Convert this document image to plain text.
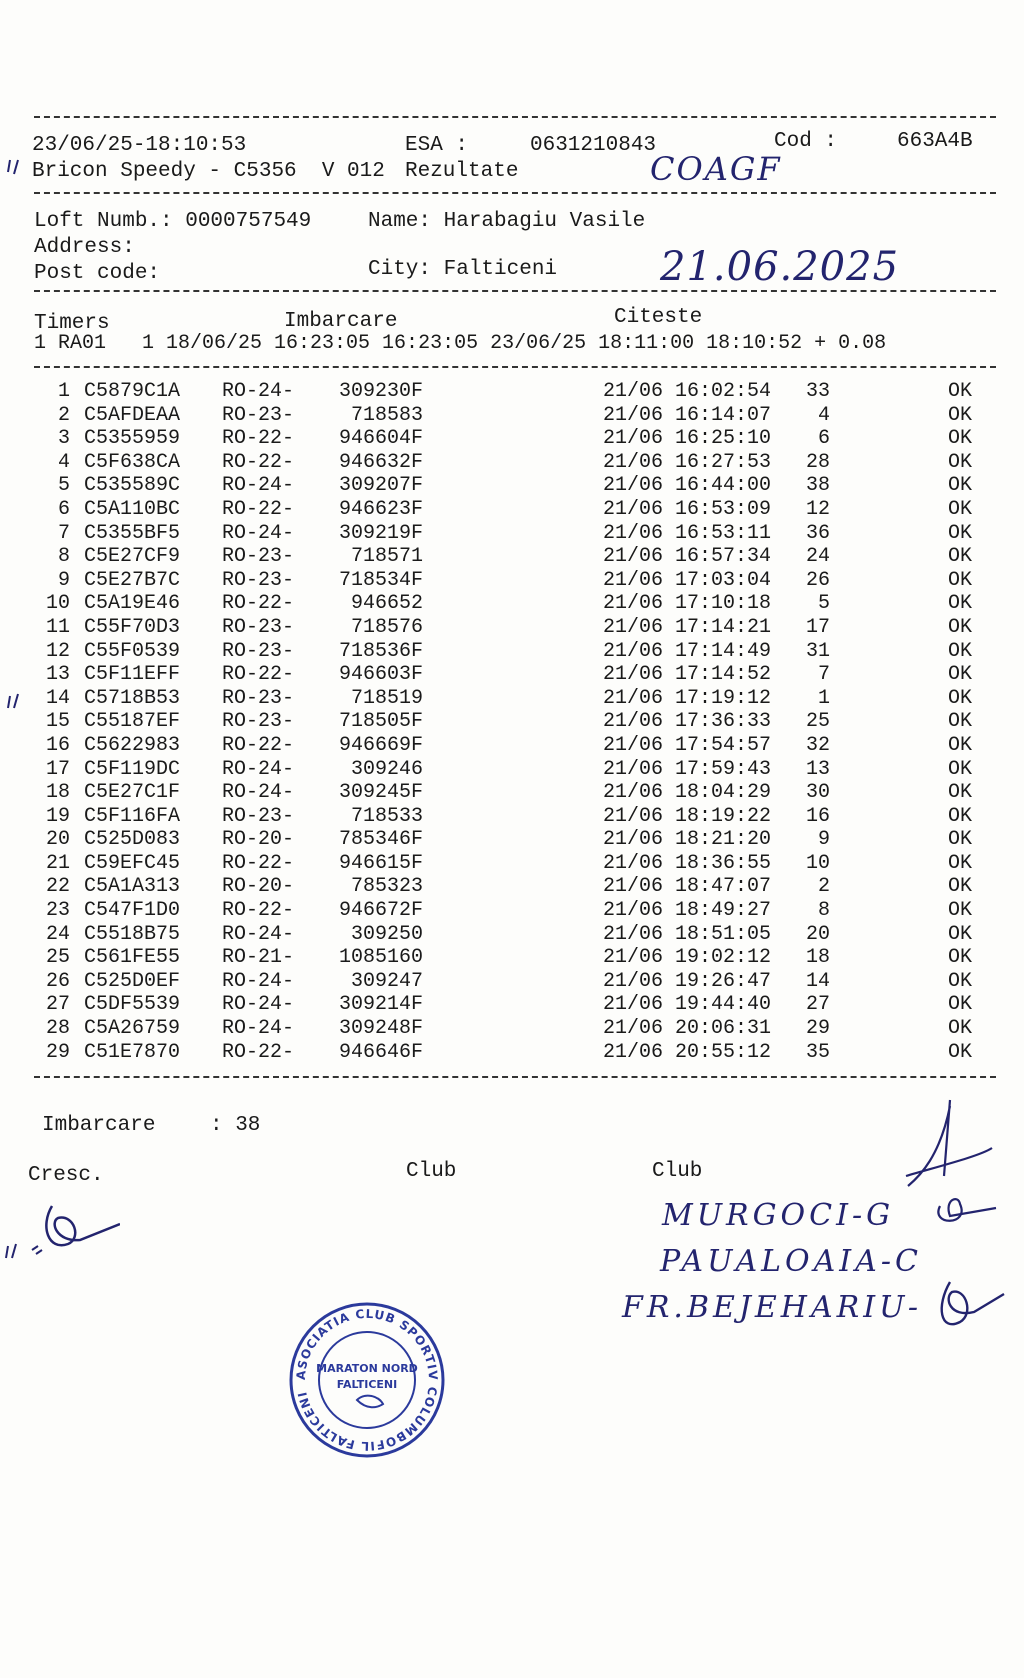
23/06/25-18:10:53	ESA :	0631210843	Cod :	663A4B
Bricon Speedy - C5356  V 012 Rezultate	COAGF
Loft Numb.: 0000757549	Name: Harabagiu Vasile
Address:
Post code:	City: Falticeni	21.06.2025
Timers	Imbarcare	Citeste
1 RA01   1 18/06/25 16:23:05 16:23:05 23/06/25 18:11:00 18:10:52 + 0.08
1 C5879C1A RO-24-	309230F	21/06 16:02:54	33	OK
2 C5AFDEAA RO-23-	718583	21/06 16:14:07	4	OK
3 C5355959 RO-22-	946604F	21/06 16:25:10	6	OK
4 C5F638CA RO-22-	946632F	21/06 16:27:53	28	OK
5 C535589C RO-24-	309207F	21/06 16:44:00	38	OK
6 C5A110BC RO-22-	946623F	21/06 16:53:09	12	OK
7 C5355BF5 RO-24-	309219F	21/06 16:53:11	36	OK
8 C5E27CF9 RO-23-	718571	21/06 16:57:34	24	OK
9 C5E27B7C RO-23-	718534F	21/06 17:03:04	26	OK
10 C5A19E46 RO-22-	946652	21/06 17:10:18	5	OK
11 C55F70D3 RO-23-	718576	21/06 17:14:21	17	OK
12 C55F0539 RO-23-	718536F	21/06 17:14:49	31	OK
13 C5F11EFF RO-22-	946603F	21/06 17:14:52	7	OK
14 C5718B53 RO-23-	718519	21/06 17:19:12	1	OK
15 C55187EF RO-23-	718505F	21/06 17:36:33	25	OK
16 C5622983 RO-22-	946669F	21/06 17:54:57	32	OK
17 C5F119DC RO-24-	309246	21/06 17:59:43	13	OK
18 C5E27C1F RO-24-	309245F	21/06 18:04:29	30	OK
19 C5F116FA RO-23-	718533	21/06 18:19:22	16	OK
20 C525D083 RO-20-	785346F	21/06 18:21:20	9	OK
21 C59EFC45 RO-22-	946615F	21/06 18:36:55	10	OK
22 C5A1A313 RO-20-	785323	21/06 18:47:07	2	OK
23 C547F1D0 RO-22-	946672F	21/06 18:49:27	8	OK
24 C5518B75 RO-24-	309250	21/06 18:51:05	20	OK
25 C561FE55 RO-21-	1085160	21/06 19:02:12	18	OK
26 C525D0EF RO-24-	309247	21/06 19:26:47	14	OK
27 C5DF5539 RO-24-	309214F	21/06 19:44:40	27	OK
28 C5A26759 RO-24-	309248F	21/06 20:06:31	29	OK
29 C51E7870 RO-22-	946646F	21/06 20:55:12	35	OK
Imbarcare	: 38
Cresc.	Club	Club
MURGOCI-G
PAUALOAIA-C
FR.BEJEHARIU-
ASOCIATIA CLUB SPORTIV COLUMBOFIL FALTICENI
MARATON NORD
FALTICENI
